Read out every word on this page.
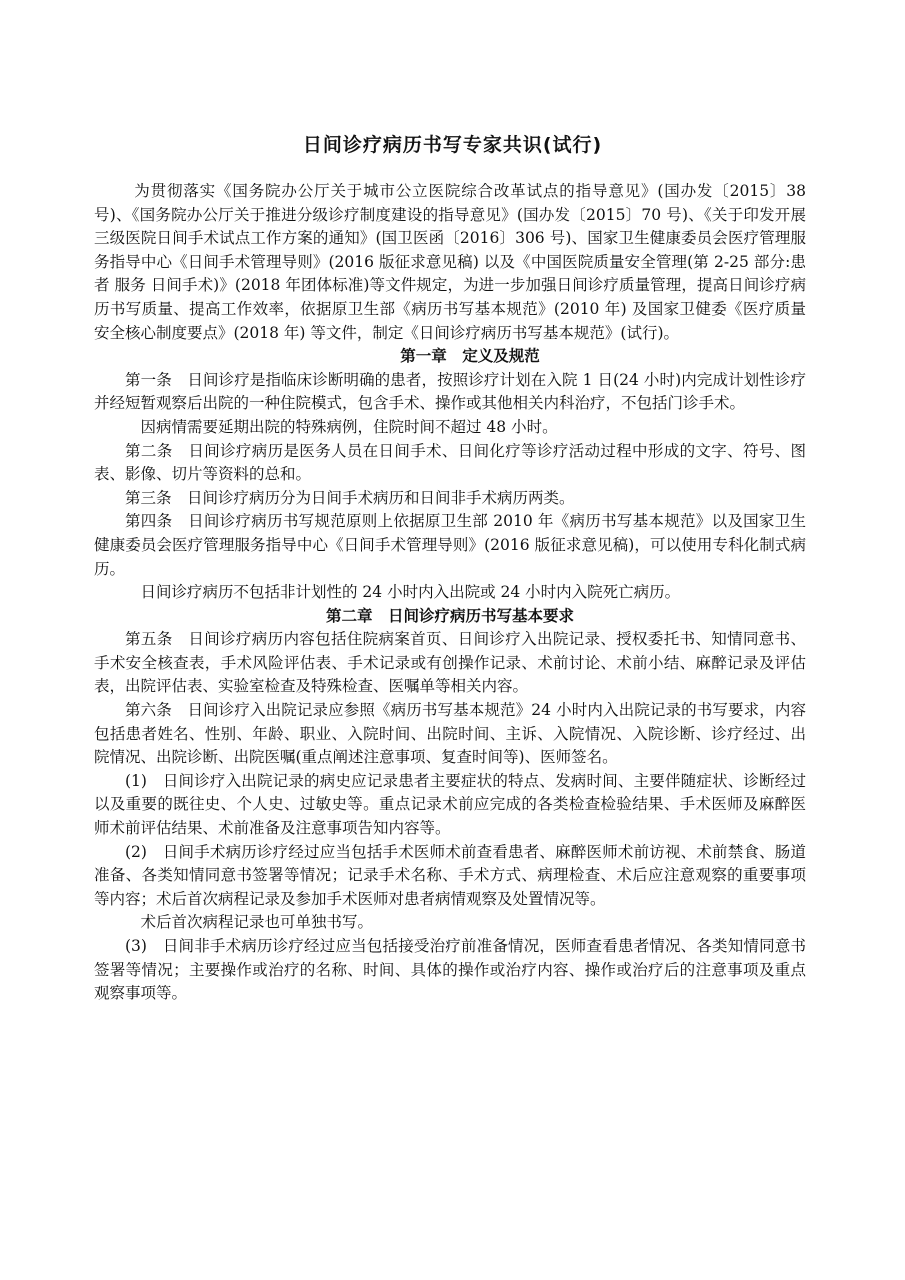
日间诊疗病历书写专家共识(试行)

为贯彻落实《国务院办公厅关于城市公立医院综合改革试点的指导意见》(国办发〔2015〕38 号)、《国务院办公厅关于推进分级诊疗制度建设的指导意见》(国办发〔2015〕70 号)、《关于印发开展三级医院日间手术试点工作方案的通知》(国卫医函〔2016〕306 号)、国家卫生健康委员会医疗管理服务指导中心《日间手术管理导则》(2016 版征求意见稿) 以及《中国医院质量安全管理(第 2-25 部分:患者 服务 日间手术)》(2018 年团体标准)等文件规定，为进一步加强日间诊疗质量管理，提高日间诊疗病历书写质量、提高工作效率，依据原卫生部《病历书写基本规范》(2010 年) 及国家卫健委《医疗质量安全核心制度要点》(2018 年) 等文件，制定《日间诊疗病历书写基本规范》(试行)。

第一章　定义及规范

第一条　日间诊疗是指临床诊断明确的患者，按照诊疗计划在入院 1 日(24 小时)内完成计划性诊疗并经短暂观察后出院的一种住院模式，包含手术、操作或其他相关内科治疗，不包括门诊手术。

因病情需要延期出院的特殊病例，住院时间不超过 48 小时。

第二条　日间诊疗病历是医务人员在日间手术、日间化疗等诊疗活动过程中形成的文字、符号、图表、影像、切片等资料的总和。

第三条　日间诊疗病历分为日间手术病历和日间非手术病历两类。

第四条　日间诊疗病历书写规范原则上依据原卫生部 2010 年《病历书写基本规范》以及国家卫生健康委员会医疗管理服务指导中心《日间手术管理导则》(2016 版征求意见稿)，可以使用专科化制式病历。

日间诊疗病历不包括非计划性的 24 小时内入出院或 24 小时内入院死亡病历。

第二章　日间诊疗病历书写基本要求

第五条　日间诊疗病历内容包括住院病案首页、日间诊疗入出院记录、授权委托书、知情同意书、手术安全核查表，手术风险评估表、手术记录或有创操作记录、术前讨论、术前小结、麻醉记录及评估表，出院评估表、实验室检查及特殊检查、医嘱单等相关内容。

第六条　日间诊疗入出院记录应参照《病历书写基本规范》24 小时内入出院记录的书写要求，内容包括患者姓名、性别、年龄、职业、入院时间、出院时间、主诉、入院情况、入院诊断、诊疗经过、出院情况、出院诊断、出院医嘱(重点阐述注意事项、复查时间等)、医师签名。

(1)　日间诊疗入出院记录的病史应记录患者主要症状的特点、发病时间、主要伴随症状、诊断经过以及重要的既往史、个人史、过敏史等。重点记录术前应完成的各类检查检验结果、手术医师及麻醉医师术前评估结果、术前准备及注意事项告知内容等。

(2)　日间手术病历诊疗经过应当包括手术医师术前查看患者、麻醉医师术前访视、术前禁食、肠道准备、各类知情同意书签署等情况；记录手术名称、手术方式、病理检查、术后应注意观察的重要事项等内容；术后首次病程记录及参加手术医师对患者病情观察及处置情况等。

术后首次病程记录也可单独书写。

(3)　日间非手术病历诊疗经过应当包括接受治疗前准备情况，医师查看患者情况、各类知情同意书签署等情况；主要操作或治疗的名称、时间、具体的操作或治疗内容、操作或治疗后的注意事项及重点观察事项等。
